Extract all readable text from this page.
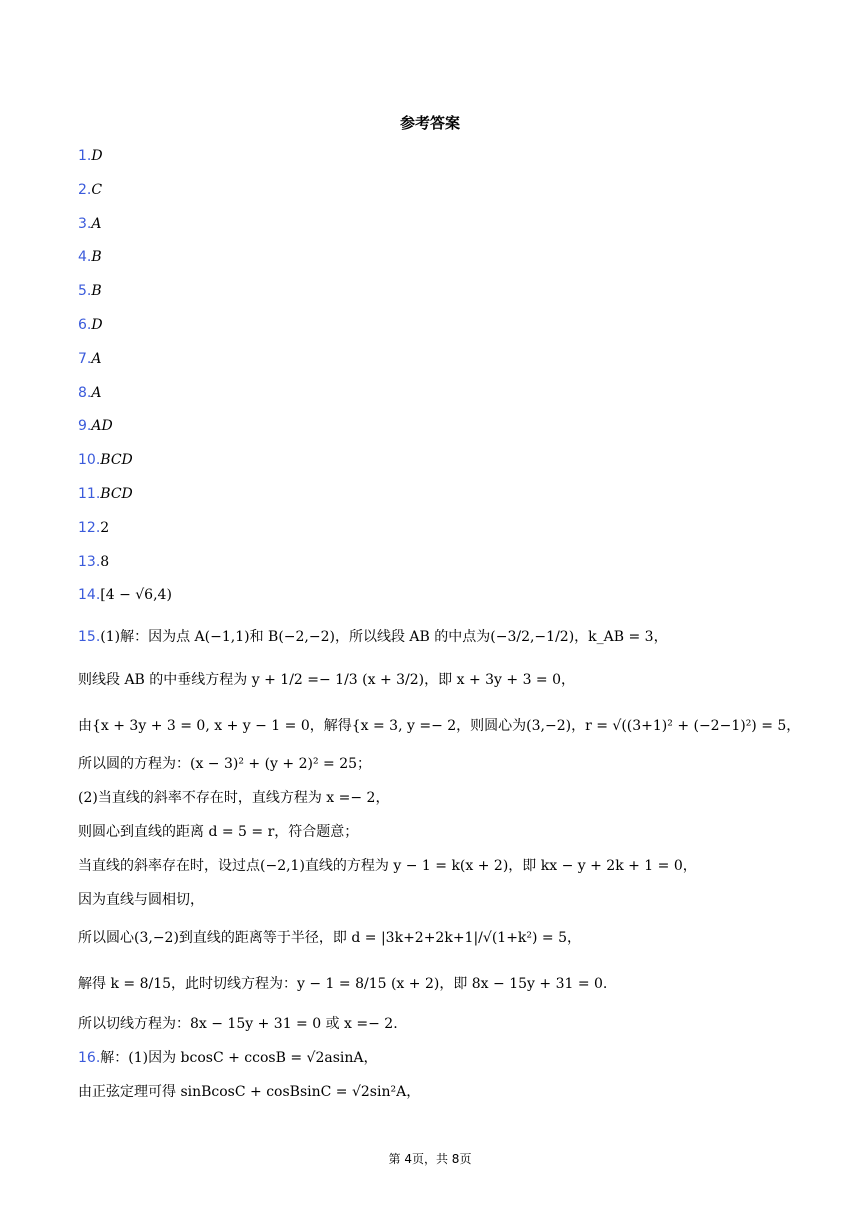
参考答案
1.D
2.C
3.A
4.B
5.B
6.D
7.A
8.A
9.AD
10.BCD
11.BCD
12.2
13.8
14.[4 − √6,4)
15.(1)解：因为点 A(−1,1)和 B(−2,−2)，所以线段 AB 的中点为(−3/2,−1/2)，k_AB = 3，
则线段 AB 的中垂线方程为 y + 1/2 =− 1/3 (x + 3/2)，即 x + 3y + 3 = 0，
由{x + 3y + 3 = 0, x + y − 1 = 0，解得{x = 3, y =− 2，则圆心为(3,−2)，r = √((3+1)² + (−2−1)²) = 5，
所以圆的方程为：(x − 3)² + (y + 2)² = 25；
(2)当直线的斜率不存在时，直线方程为 x =− 2，
则圆心到直线的距离 d = 5 = r，符合题意；
当直线的斜率存在时，设过点(−2,1)直线的方程为 y − 1 = k(x + 2)，即 kx − y + 2k + 1 = 0，
因为直线与圆相切，
所以圆心(3,−2)到直线的距离等于半径，即 d = |3k+2+2k+1|/√(1+k²) = 5，
解得 k = 8/15，此时切线方程为：y − 1 = 8/15 (x + 2)，即 8x − 15y + 31 = 0.
所以切线方程为：8x − 15y + 31 = 0 或 x =− 2.
16.解：(1)因为 bcosC + ccosB = √2asinA，
由正弦定理可得 sinBcosC + cosBsinC = √2sin²A，
第 4页，共 8页
